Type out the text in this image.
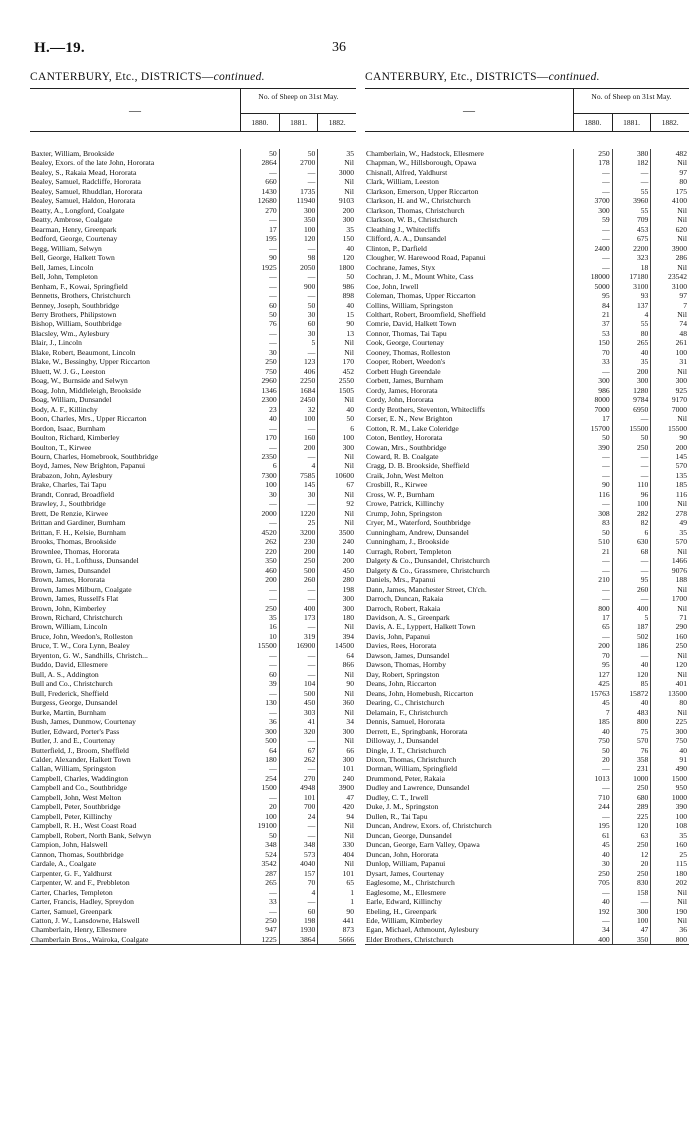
H.—19.	36
CANTERBURY, Etc., DISTRICTS—continued.
—
No. of Sheep on 31st May.
1880.	1881.	1882.
Baxter, William, Brookside	50	50	35
Bealey, Exors. of the late John, Hororata	2864	2700	Nil
Bealey, S., Rakaia Mead, Hororata	—	—	3000
Bealey, Samuel, Radcliffe, Hororata	660	—	Nil
Bealey, Samuel, Rhuddlan, Hororata	1430	1735	Nil
Bealey, Samuel, Haldon, Hororata	12680	11940	9103
Beatty, A., Longford, Coalgate	270	300	200
Beatty, Ambrose, Coalgate	—	350	300
Bearman, Henry, Greenpark	17	100	35
Bedford, George, Courtenay	195	120	150
Begg, William, Selwyn	—	—	40
Bell, George, Halkett Town	90	98	120
Bell, James, Lincoln	1925	2050	1800
Bell, John, Templeton	—	—	50
Benham, F., Kowai, Springfield	—	900	986
Bennetts, Brothers, Christchurch	—	—	898
Benney, Joseph, Southbridge	60	50	40
Berry Brothers, Philipstown	50	30	15
Bishop, William, Southbridge	76	60	90
Blacsley, Wm., Aylesbury	—	30	13
Blair, J., Lincoln	—	5	Nil
Blake, Robert, Beaumont, Lincoln	30	—	Nil
Blake, W., Bessingby, Upper Riccarton	250	123	170
Bluett, W. J. G., Leeston	750	406	452
Boag, W., Burnside and Selwyn	2960	2250	2550
Boag, John, Middleleigh, Brookside	1346	1684	1505
Boag, William, Dunsandel	2300	2450	Nil
Body, A. F., Killinchy	23	32	40
Boon, Charles, Mrs., Upper Riccarton	40	100	50
Bordon, Isaac, Burnham	—	—	6
Boulton, Richard, Kimberley	170	160	100
Boulton, T., Kirwee	—	200	300
Bourn, Charles, Homebrook, Southbridge	2350	—	Nil
Boyd, James, New Brighton, Papanui	6	4	Nil
Brabazon, John, Aylesbury	7300	7585	10600
Brake, Charles, Tai Tapu	100	145	67
Brandt, Conrad, Broadfield	30	30	Nil
Brawley, J., Southbridge	—	—	92
Brett, De Renzie, Kirwee	2000	1220	Nil
Brittan and Gardiner, Burnham	—	25	Nil
Brittan, F. H., Kelsie, Burnham	4520	3200	3500
Brooks, Thomas, Brookside	262	230	240
Brownlee, Thomas, Hororata	220	200	140
Brown, G. H., Lofthuss, Dunsandel	350	250	200
Brown, James, Dunsandel	460	500	450
Brown, James, Hororata	200	260	280
Brown, James Milburn, Coalgate	—	—	198
Brown, James, Russell's Flat	—	—	300
Brown, John, Kimberley	250	400	300
Brown, Richard, Christchurch	35	173	180
Brown, William, Lincoln	16	—	Nil
Bruce, John, Weedon's, Rolleston	10	319	394
Bruce, T. W., Cora Lynn, Bealey	15500	16900	14500
Bryenton, G. W., Sandhills, Christch...	—	—	64
Buddo, David, Ellesmere	—	—	866
Bull, A. S., Addington	60	—	Nil
Bull and Co., Christchurch	39	104	90
Bull, Frederick, Sheffield	—	500	Nil
Burgess, George, Dunsandel	130	450	360
Burke, Martin, Burnham	—	303	Nil
Bush, James, Dunmow, Courtenay	36	41	34
Butler, Edward, Porter's Pass	300	320	300
Butler, J. and E., Courtenay	500	—	Nil
Butterfield, J., Broom, Sheffield	64	67	66
Calder, Alexander, Halkett Town	180	262	300
Callan, William, Springston	—	—	101
Campbell, Charles, Waddington	254	270	240
Campbell and Co., Southbridge	1500	4948	3900
Campbell, John, West Melton	—	101	47
Campbell, Peter, Southbridge	20	700	420
Campbell, Peter, Killinchy	100	24	94
Campbell, R. H., West Coast Road	19100	—	Nil
Campbell, Robert, North Bank, Selwyn	50	—	Nil
Campion, John, Halswell	348	348	330
Cannon, Thomas, Southbridge	524	573	404
Cardale, A., Coalgate	3542	4040	Nil
Carpenter, G. F., Yaldhurst	287	157	101
Carpenter, W. and F., Prebbleton	265	70	65
Carter, Charles, Templeton	—	4	1
Carter, Francis, Hadley, Spreydon	33	—	1
Carter, Samuel, Greenpark	—	60	90
Catton, J. W., Lansdowne, Halswell	250	198	441
Chamberlain, Henry, Ellesmere	947	1930	873
Chamberlain Bros., Wairoka, Coalgate	1225	3864	5666
CANTERBURY, Etc., DISTRICTS—continued.
—
No. of Sheep on 31st May.
1880.	1881.	1882.
Chamberlain, W., Hadstock, Ellesmere	250	380	482
Chapman, W., Hillsborough, Opawa	178	182	Nil
Chisnall, Alfred, Yaldhurst	—	—	97
Clark, William, Leeston	—	—	80
Clarkson, Emerson, Upper Riccarton	—	55	175
Clarkson, H. and W., Christchurch	3700	3960	4100
Clarkson, Thomas, Christchurch	300	55	Nil
Clarkson, W. B., Christchurch	59	709	Nil
Cleathing J., Whitecliffs	—	453	620
Clifford, A. A., Dunsandel	—	675	Nil
Clinton, P., Darfield	2400	2200	3900
Clougher, W. Harewood Road, Papanui	—	323	286
Cochrane, James, Styx	—	18	Nil
Cochran, J. M., Mount White, Cass	18000	17180	23542
Coe, John, Irwell	5000	3100	3100
Coleman, Thomas, Upper Riccarton	95	93	97
Collins, William, Springston	84	137	7
Colthart, Robert, Broomfield, Sheffield	21	4	Nil
Comrie, David, Halkett Town	37	55	74
Connor, Thomas, Tai Tapu	53	80	48
Cook, George, Courtenay	150	265	261
Cooney, Thomas, Rolleston	70	40	100
Cooper, Robert, Weedon's	33	35	31
Corbett Hugh Greendale	—	200	Nil
Corbett, James, Burnham	300	300	300
Cordy, James, Hororata	986	1280	925
Cordy, John, Hororata	8000	9784	9170
Cordy Brothers, Steventon, Whitecliffs	7000	6950	7000
Corser, E. N., New Brighton	17	—	Nil
Cotton, R. M., Lake Coleridge	15700	15500	15500
Coton, Bentley, Hororata	50	50	90
Cowan, Mrs., Southbridge	390	250	200
Coward, R. B. Coalgate	—	—	145
Cragg, D. B. Brookside, Sheffield	—	—	570
Craik, John, West Melton	—	—	135
Crosbill, R., Kirwee	90	110	185
Cross, W. P., Burnham	116	96	116
Crowe, Patrick, Killinchy	—	100	Nil
Crump, John, Springston	308	282	278
Cryer, M., Waterford, Southbridge	83	82	49
Cunningham, Andrew, Dunsandel	50	6	35
Cunningham, J., Brookside	510	630	570
Curragh, Robert, Templeton	21	68	Nil
Dalgety & Co., Dunsandel, Christchurch	—	—	1466
Dalgety & Co., Grassmere, Christchurch	—	—	9076
Daniels, Mrs., Papanui	210	95	188
Dann, James, Manchester Street, Ch'ch.	—	260	Nil
Darroch, Duncan, Rakaia	—	—	1700
Darroch, Robert, Rakaia	800	400	Nil
Davidson, A. S., Greenpark	17	5	71
Davis, A. E., Lyppert, Halkett Town	65	187	290
Davis, John, Papanui	—	502	160
Davies, Rees, Hororata	200	186	250
Dawson, James, Dunsandel	70	—	Nil
Dawson, Thomas, Hornby	95	40	120
Day, Robert, Springston	127	120	Nil
Deans, John, Riccarton	425	85	401
Deans, John, Homebush, Riccarton	15763	15872	13500
Dearing, C., Christchurch	45	40	80
Delamain, F., Christchurch	7	483	Nil
Dennis, Samuel, Hororata	185	800	225
Derrett, E., Springbank, Hororata	40	75	300
Dilloway, J., Dunsandel	750	570	750
Dingle, J. T., Christchurch	50	76	40
Dixon, Thomas, Christchurch	20	358	91
Dorman, William, Springfield	—	231	490
Drummond, Peter, Rakaia	1013	1000	1500
Dudley and Lawrence, Dunsandel	—	250	950
Dudley, C. T., Irwell	710	680	1000
Duke, J. M., Springston	244	289	390
Dullen, R., Tai Tapu	—	225	100
Duncan, Andrew, Exors. of, Christchurch	195	120	108
Duncan, George, Dunsandel	61	63	35
Duncan, George, Earn Valley, Opawa	45	250	160
Duncan, John, Hororata	40	12	25
Dunlop, William, Papanui	30	20	115
Dysart, James, Courtenay	250	250	180
Eaglesome, M., Christchurch	705	830	202
Eaglesome, M., Ellesmere	—	158	Nil
Earle, Edward, Killinchy	40	—	Nil
Ebeling, H., Greenpark	192	300	190
Ede, William, Kimberley	—	100	Nil
Egan, Michael, Athmount, Aylesbury	34	47	36
Elder Brothers, Christchurch	400	350	800
